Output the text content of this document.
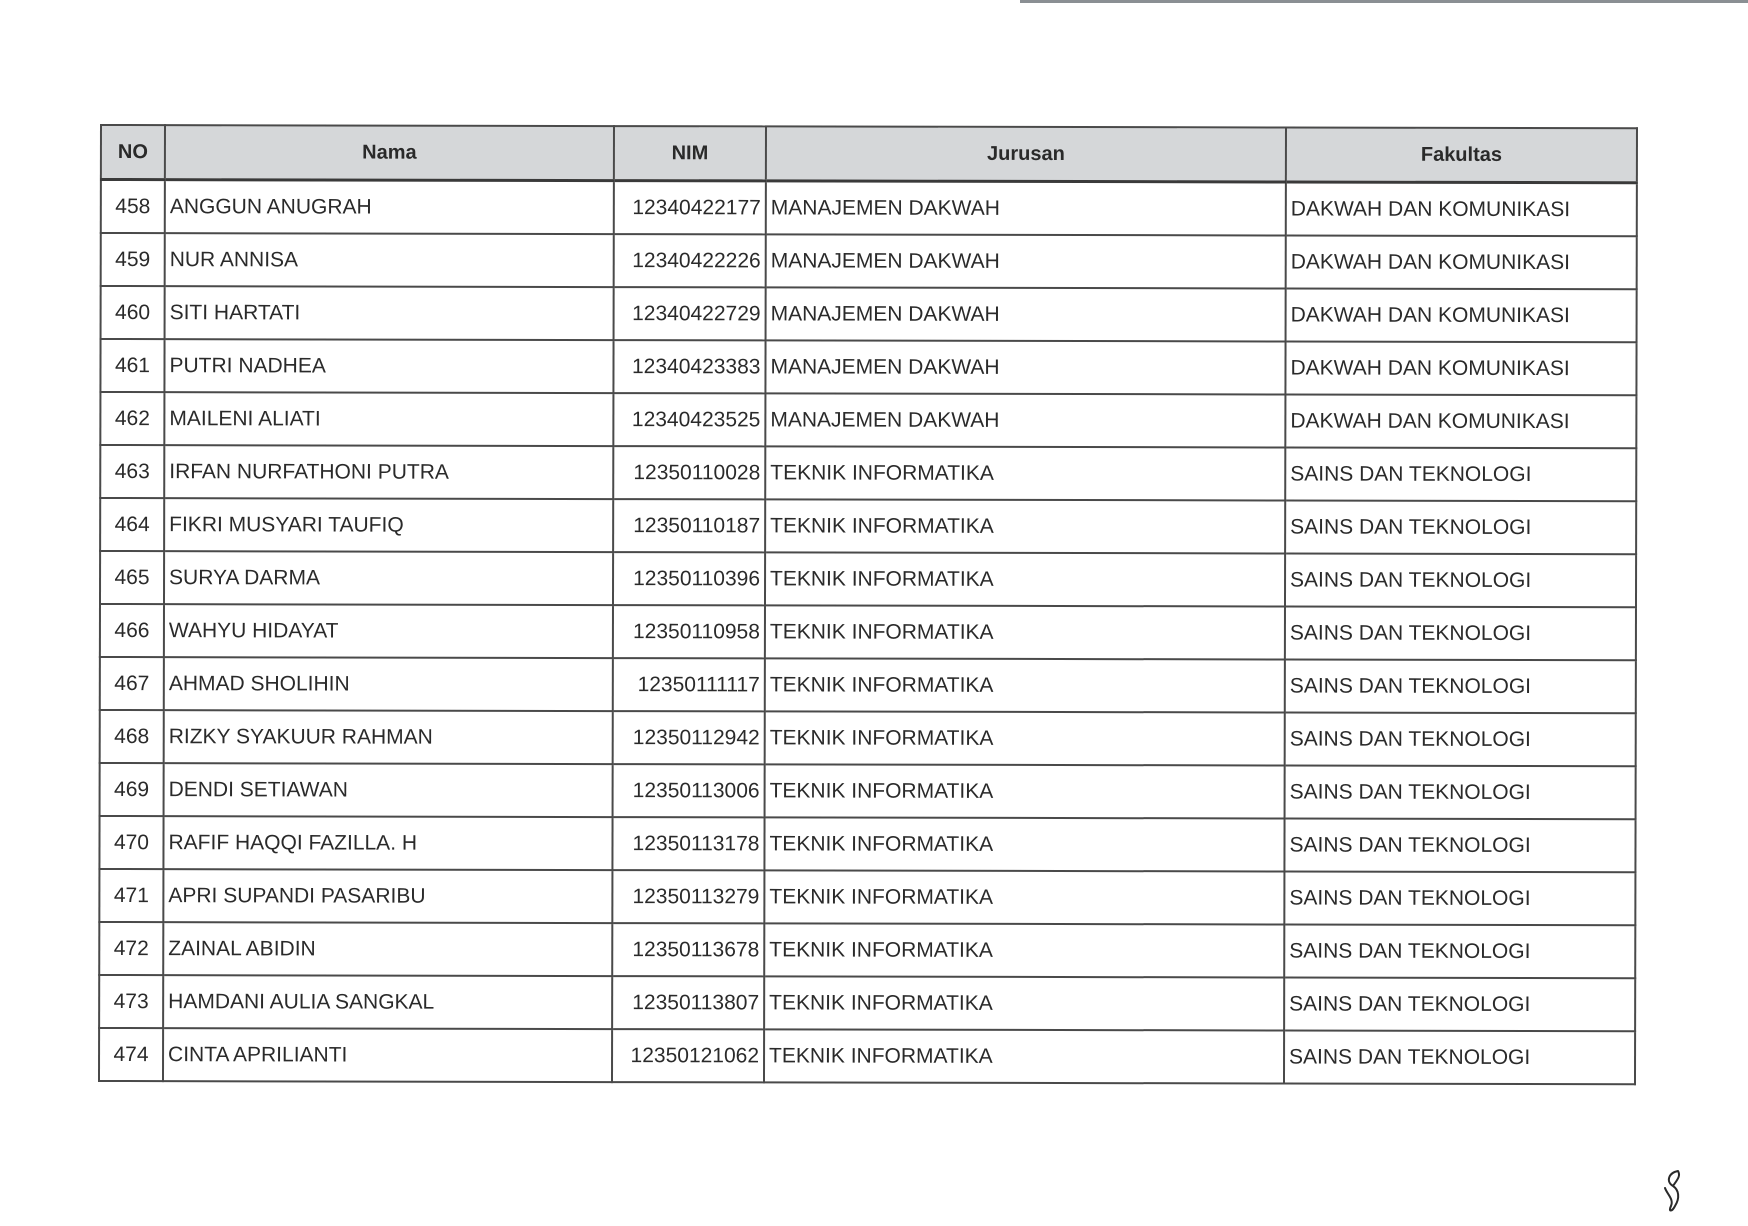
NO	Nama	NIM	Jurusan	Fakultas
458	ANGGUN ANUGRAH	12340422177	MANAJEMEN DAKWAH	DAKWAH DAN KOMUNIKASI
459	NUR ANNISA	12340422226	MANAJEMEN DAKWAH	DAKWAH DAN KOMUNIKASI
460	SITI HARTATI	12340422729	MANAJEMEN DAKWAH	DAKWAH DAN KOMUNIKASI
461	PUTRI NADHEA	12340423383	MANAJEMEN DAKWAH	DAKWAH DAN KOMUNIKASI
462	MAILENI ALIATI	12340423525	MANAJEMEN DAKWAH	DAKWAH DAN KOMUNIKASI
463	IRFAN NURFATHONI PUTRA	12350110028	TEKNIK INFORMATIKA	SAINS DAN TEKNOLOGI
464	FIKRI MUSYARI TAUFIQ	12350110187	TEKNIK INFORMATIKA	SAINS DAN TEKNOLOGI
465	SURYA DARMA	12350110396	TEKNIK INFORMATIKA	SAINS DAN TEKNOLOGI
466	WAHYU HIDAYAT	12350110958	TEKNIK INFORMATIKA	SAINS DAN TEKNOLOGI
467	AHMAD SHOLIHIN	12350111117	TEKNIK INFORMATIKA	SAINS DAN TEKNOLOGI
468	RIZKY SYAKUUR RAHMAN	12350112942	TEKNIK INFORMATIKA	SAINS DAN TEKNOLOGI
469	DENDI SETIAWAN	12350113006	TEKNIK INFORMATIKA	SAINS DAN TEKNOLOGI
470	RAFIF HAQQI FAZILLA. H	12350113178	TEKNIK INFORMATIKA	SAINS DAN TEKNOLOGI
471	APRI SUPANDI PASARIBU	12350113279	TEKNIK INFORMATIKA	SAINS DAN TEKNOLOGI
472	ZAINAL ABIDIN	12350113678	TEKNIK INFORMATIKA	SAINS DAN TEKNOLOGI
473	HAMDANI AULIA SANGKAL	12350113807	TEKNIK INFORMATIKA	SAINS DAN TEKNOLOGI
474	CINTA APRILIANTI	12350121062	TEKNIK INFORMATIKA	SAINS DAN TEKNOLOGI
